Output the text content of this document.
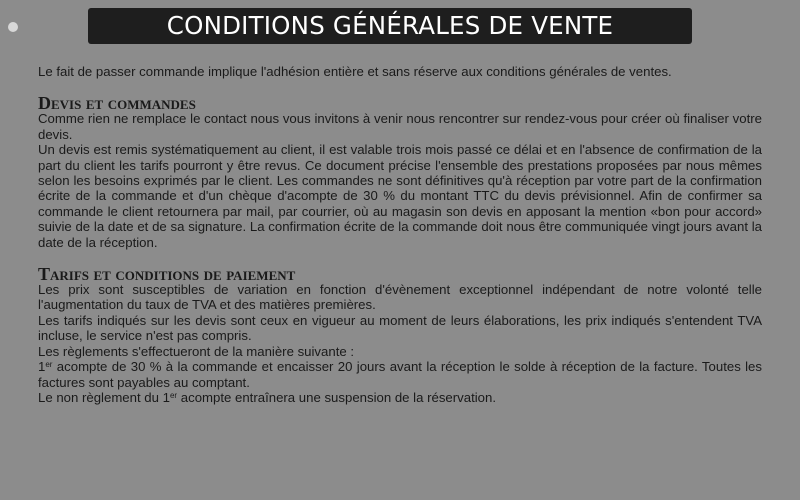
CONDITIONS GÉNÉRALES DE VENTE

Le fait de passer commande implique l'adhésion entière et sans réserve aux conditions générales de ventes.

Devis et commandes

Comme rien ne remplace le contact nous vous invitons à venir nous rencontrer sur rendez-vous pour créer où finaliser votre devis.

Un devis est remis systématiquement au client, il est valable trois mois passé ce délai et en l'absence de confirmation de la part du client les tarifs pourront y être revus. Ce document précise l'ensemble des prestations proposées par nous mêmes selon les besoins exprimés par le client. Les commandes ne sont définitives qu'à réception par votre part de la confirmation écrite de la commande et d'un chèque d'acompte de 30 % du montant TTC du devis prévisionnel. Afin de confirmer sa commande le client retournera par mail, par courrier, où au magasin son devis en apposant la mention «bon pour accord» suivie de la date et de sa signature. La confirmation écrite de la commande doit nous être communiquée vingt jours avant la date de la réception.

Tarifs et conditions de paiement

Les prix sont susceptibles de variation en fonction d'évènement exceptionnel indépendant de notre volonté telle l'augmentation du taux de TVA et des matières premières.

Les tarifs indiqués sur les devis sont ceux en vigueur au moment de leurs élaborations, les prix indiqués s'entendent TVA incluse, le service n'est pas compris.

Les règlements s'effectueront de la manière suivante :

1er acompte de 30 % à la commande et encaisser 20 jours avant la réception le solde à réception de la facture. Toutes les factures sont payables au comptant.

Le non règlement du 1er acompte entraînera une suspension de la réservation.
